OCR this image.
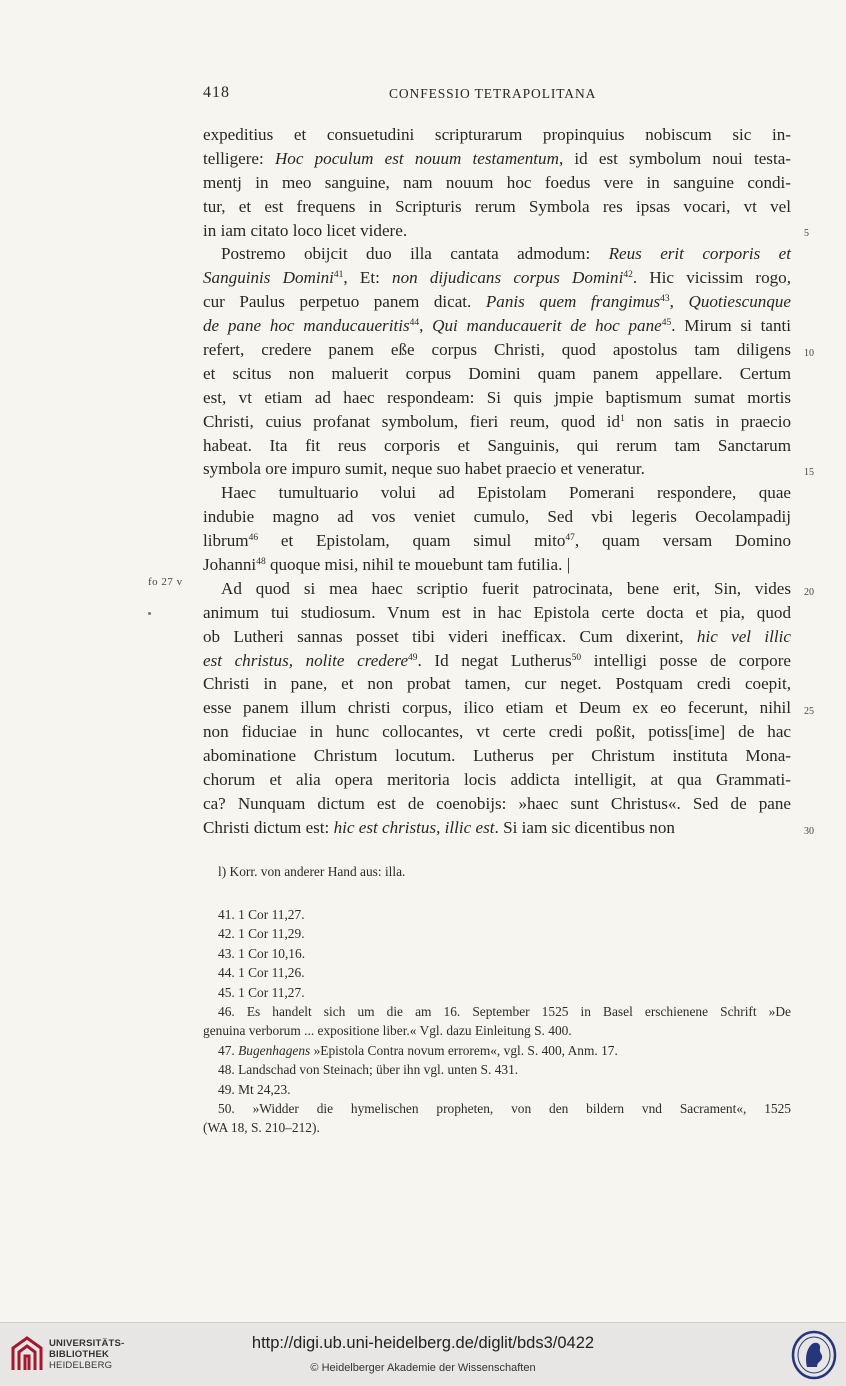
418	CONFESSIO TETRAPOLITANA
expeditius et consuetudini scripturarum propinquius nobiscum sic in-
telligere: Hoc poculum est nouum testamentum, id est symbolum noui testa-
mentj in meo sanguine, nam nouum hoc foedus vere in sanguine condi-
tur, et est frequens in Scripturis rerum Symbola res ipsas vocari, vt vel
in iam citato loco licet videre.
Postremo obijcit duo illa cantata admodum: Reus erit corporis et
Sanguinis Domini$^{41}$, Et: non dijudicans corpus Domini$^{42}$. Hic vicissim rogo,
cur Paulus perpetuo panem dicat. Panis quem frangimus$^{43}$, Quotiescunque
de pane hoc manducaueritis$^{44}$, Qui manducauerit de hoc pane$^{45}$. Mirum si tanti
refert, credere panem eße corpus Christi, quod apostolus tam diligens
et scitus non maluerit corpus Domini quam panem appellare. Certum
est, vt etiam ad haec respondeam: Si quis jmpie baptismum sumat mortis
Christi, cuius profanat symbolum, fieri reum, quod $id^1$ non satis in praecio
habeat. Ita fit reus corporis et Sanguinis, qui rerum tam Sanctarum
symbola ore impuro sumit, neque suo habet praecio et veneratur.
Haec tumultuario volui ad Epistolam Pomerani respondere, quae
indubie magno ad vos veniet cumulo, Sed vbi legeris Oecolampadij
librum$^{46}$ et Epistolam, quam simul mito$^{47}$, quam versam Domino
Johanni$^{48}$ quoque misi, nihil te mouebunt tam futilia. |
Ad quod si mea haec scriptio fuerit patrocinata, bene erit, Sin, vides
animum tui studiosum. Vnum est in hac Epistola certe docta et pia, quod
ob Lutheri sannas posset tibi videri inefficax. Cum dixerint, hic vel illic
est christus, nolite credere$^{49}$. Id negat Lutherus$^{50}$ intelligi posse de corpore
Christi in pane, et non probat tamen, cur neget. Postquam credi coepit,
esse panem illum christi corpus, ilico etiam et Deum ex eo fecerunt, nihil
non fiduciae in hunc collocantes, vt certe credi poßit, potiss[ime] de hac
abominatione Christum locutum. Lutherus per Christum instituta Mona-
chorum et alia opera meritoria locis addicta intelligit, at qua Grammati-
ca? Nunquam dictum est de coenobijs: »haec sunt Christus«. Sed de pane
Christi dictum est: hic est christus, illic est. Si iam sic dicentibus non
5
10
15
20
25
30
fo 27 v
l) Korr. von anderer Hand aus: illa.
41. 1 Cor 11,27.
42. 1 Cor 11,29.
43. 1 Cor 10,16.
44. 1 Cor 11,26.
45. 1 Cor 11,27.
46. Es handelt sich um die am 16. September 1525 in Basel erschienene Schrift »De
genuina verborum ... expositione liber.« Vgl. dazu Einleitung S. 400.
47. Bugenhagens »Epistola Contra novum errorem«, vgl. S. 400, Anm. 17.
48. Landschad von Steinach; über ihn vgl. unten S. 431.
49. Mt 24,23.
50. »Widder die hymelischen propheten, von den bildern vnd Sacrament«, 1525
(WA 18, S. 210–212).
UNIVERSITÄTS-
BIBLIOTHEK
HEIDELBERG
http://digi.ub.uni-heidelberg.de/diglit/bds3/0422
© Heidelberger Akademie der Wissenschaften
